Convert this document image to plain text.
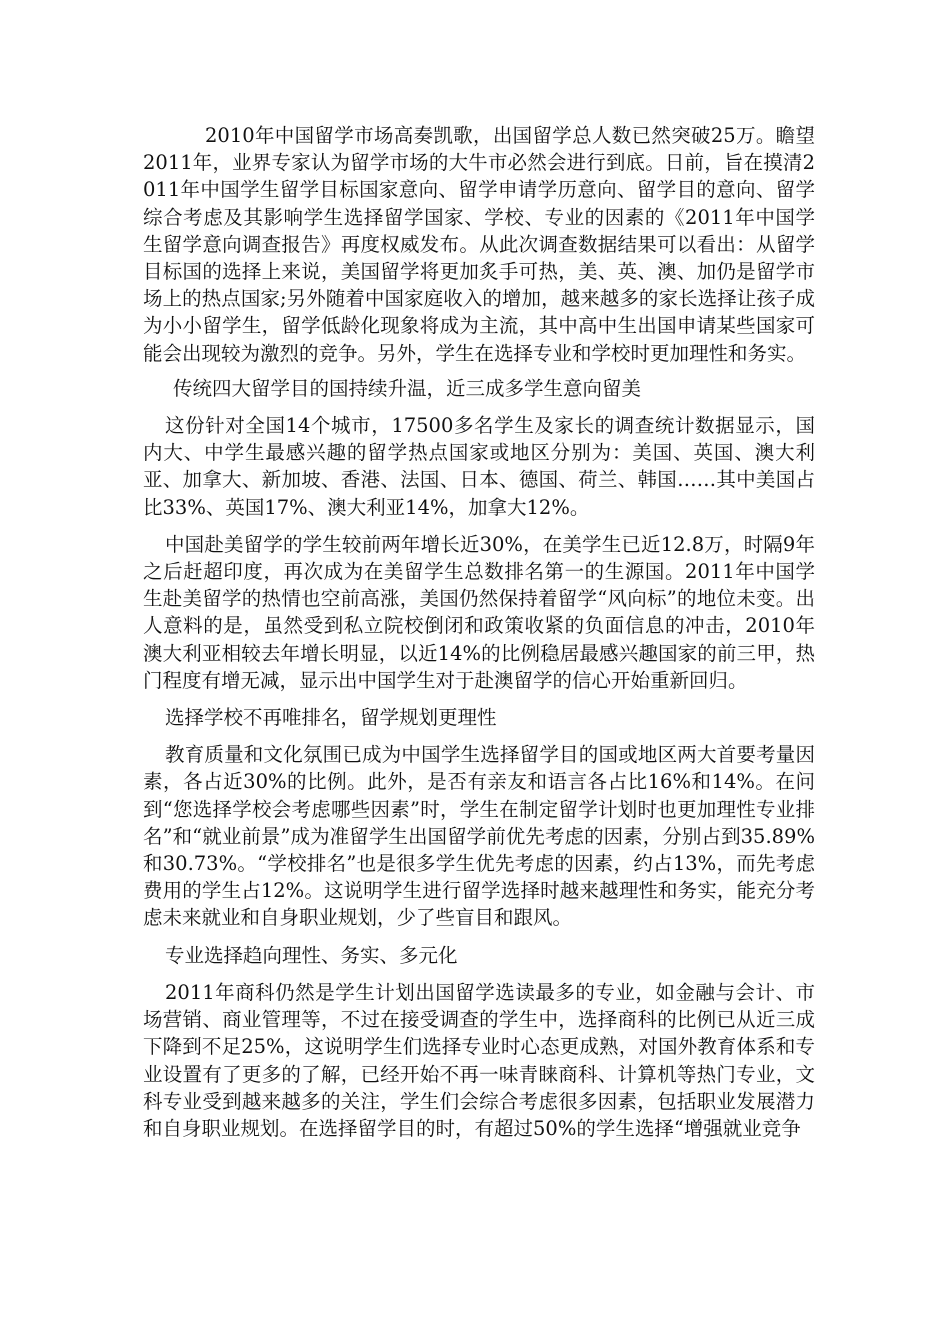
2010年中国留学市场高奏凯歌，出国留学总人数已然突破25万。瞻望2011年，业界专家认为留学市场的大牛市必然会进行到底。日前，旨在摸清2011年中国学生留学目标国家意向、留学申请学历意向、留学目的意向、留学综合考虑及其影响学生选择留学国家、学校、专业的因素的《2011年中国学生留学意向调查报告》再度权威发布。从此次调查数据结果可以看出：从留学目标国的选择上来说，美国留学将更加炙手可热，美、英、澳、加仍是留学市场上的热点国家;另外随着中国家庭收入的增加，越来越多的家长选择让孩子成为小小留学生，留学低龄化现象将成为主流，其中高中生出国申请某些国家可能会出现较为激烈的竞争。另外，学生在选择专业和学校时更加理性和务实。

传统四大留学目的国持续升温，近三成多学生意向留美

这份针对全国14个城市，17500多名学生及家长的调查统计数据显示，国内大、中学生最感兴趣的留学热点国家或地区分别为：美国、英国、澳大利亚、加拿大、新加坡、香港、法国、日本、德国、荷兰、韩国……其中美国占比33%、英国17%、澳大利亚14%，加拿大12%。

中国赴美留学的学生较前两年增长近30%，在美学生已近12.8万，时隔9年之后赶超印度，再次成为在美留学生总数排名第一的生源国。2011年中国学生赴美留学的热情也空前高涨，美国仍然保持着留学“风向标”的地位未变。出人意料的是，虽然受到私立院校倒闭和政策收紧的负面信息的冲击，2010年澳大利亚相较去年增长明显，以近14%的比例稳居最感兴趣国家的前三甲，热门程度有增无减，显示出中国学生对于赴澳留学的信心开始重新回归。

选择学校不再唯排名，留学规划更理性

教育质量和文化氛围已成为中国学生选择留学目的国或地区两大首要考量因素，各占近30%的比例。此外，是否有亲友和语言各占比16%和14%。在问到“您选择学校会考虑哪些因素”时，学生在制定留学计划时也更加理性专业排名”和“就业前景”成为准留学生出国留学前优先考虑的因素，分别占到35.89%和30.73%。“学校排名”也是很多学生优先考虑的因素，约占13%，而先考虑费用的学生占12%。这说明学生进行留学选择时越来越理性和务实，能充分考虑未来就业和自身职业规划，少了些盲目和跟风。

专业选择趋向理性、务实、多元化

2011年商科仍然是学生计划出国留学选读最多的专业，如金融与会计、市场营销、商业管理等，不过在接受调查的学生中，选择商科的比例已从近三成下降到不足25%，这说明学生们选择专业时心态更成熟，对国外教育体系和专业设置有了更多的了解，已经开始不再一味青睐商科、计算机等热门专业，文科专业受到越来越多的关注，学生们会综合考虑很多因素，包括职业发展潜力和自身职业规划。在选择留学目的时，有超过50%的学生选择“增强就业竞争
